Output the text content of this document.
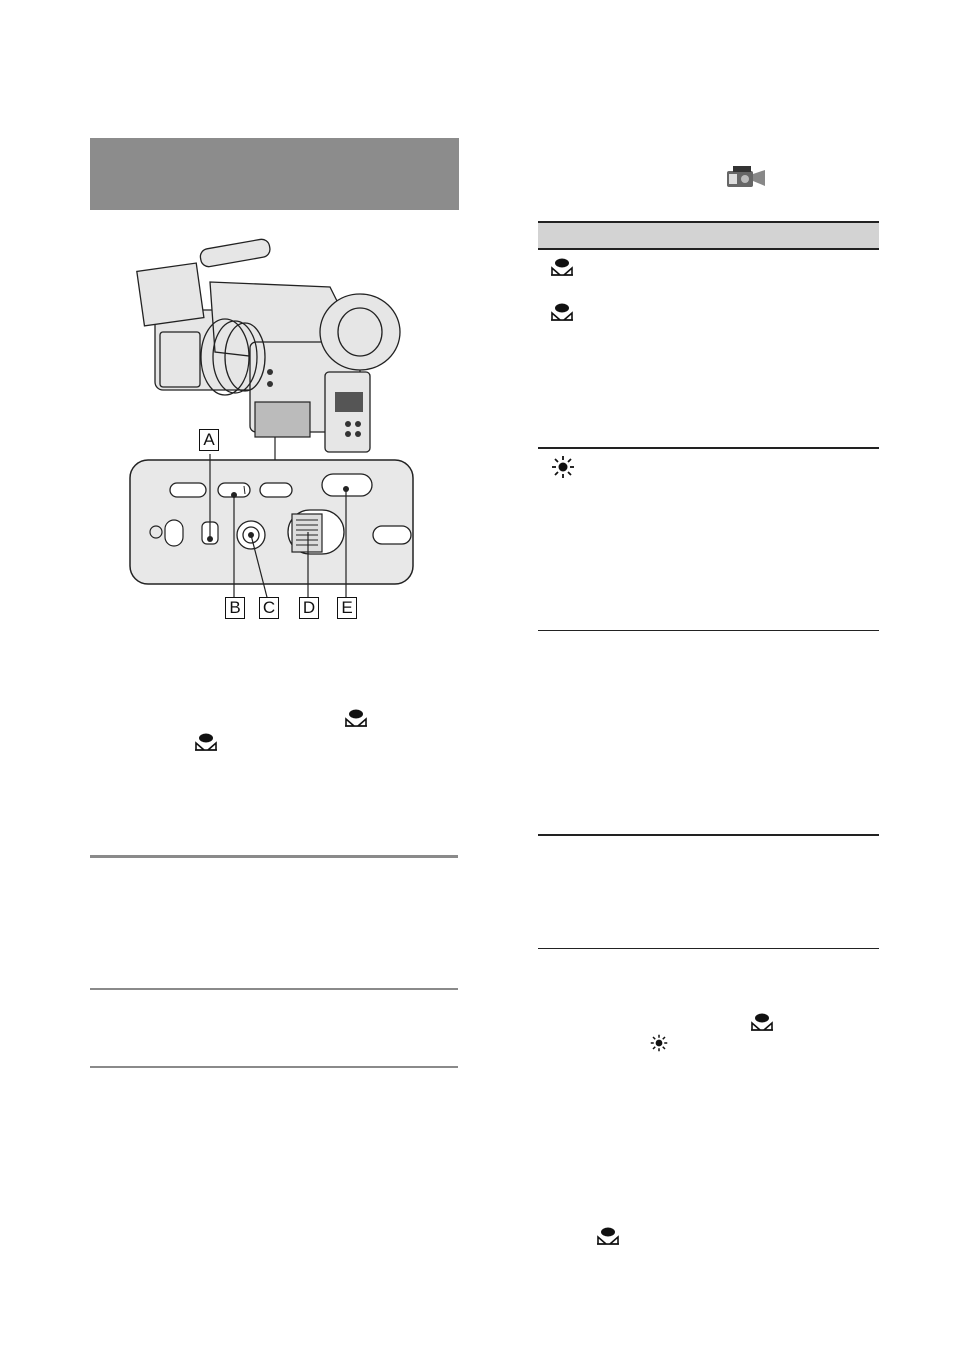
A
B C D E
